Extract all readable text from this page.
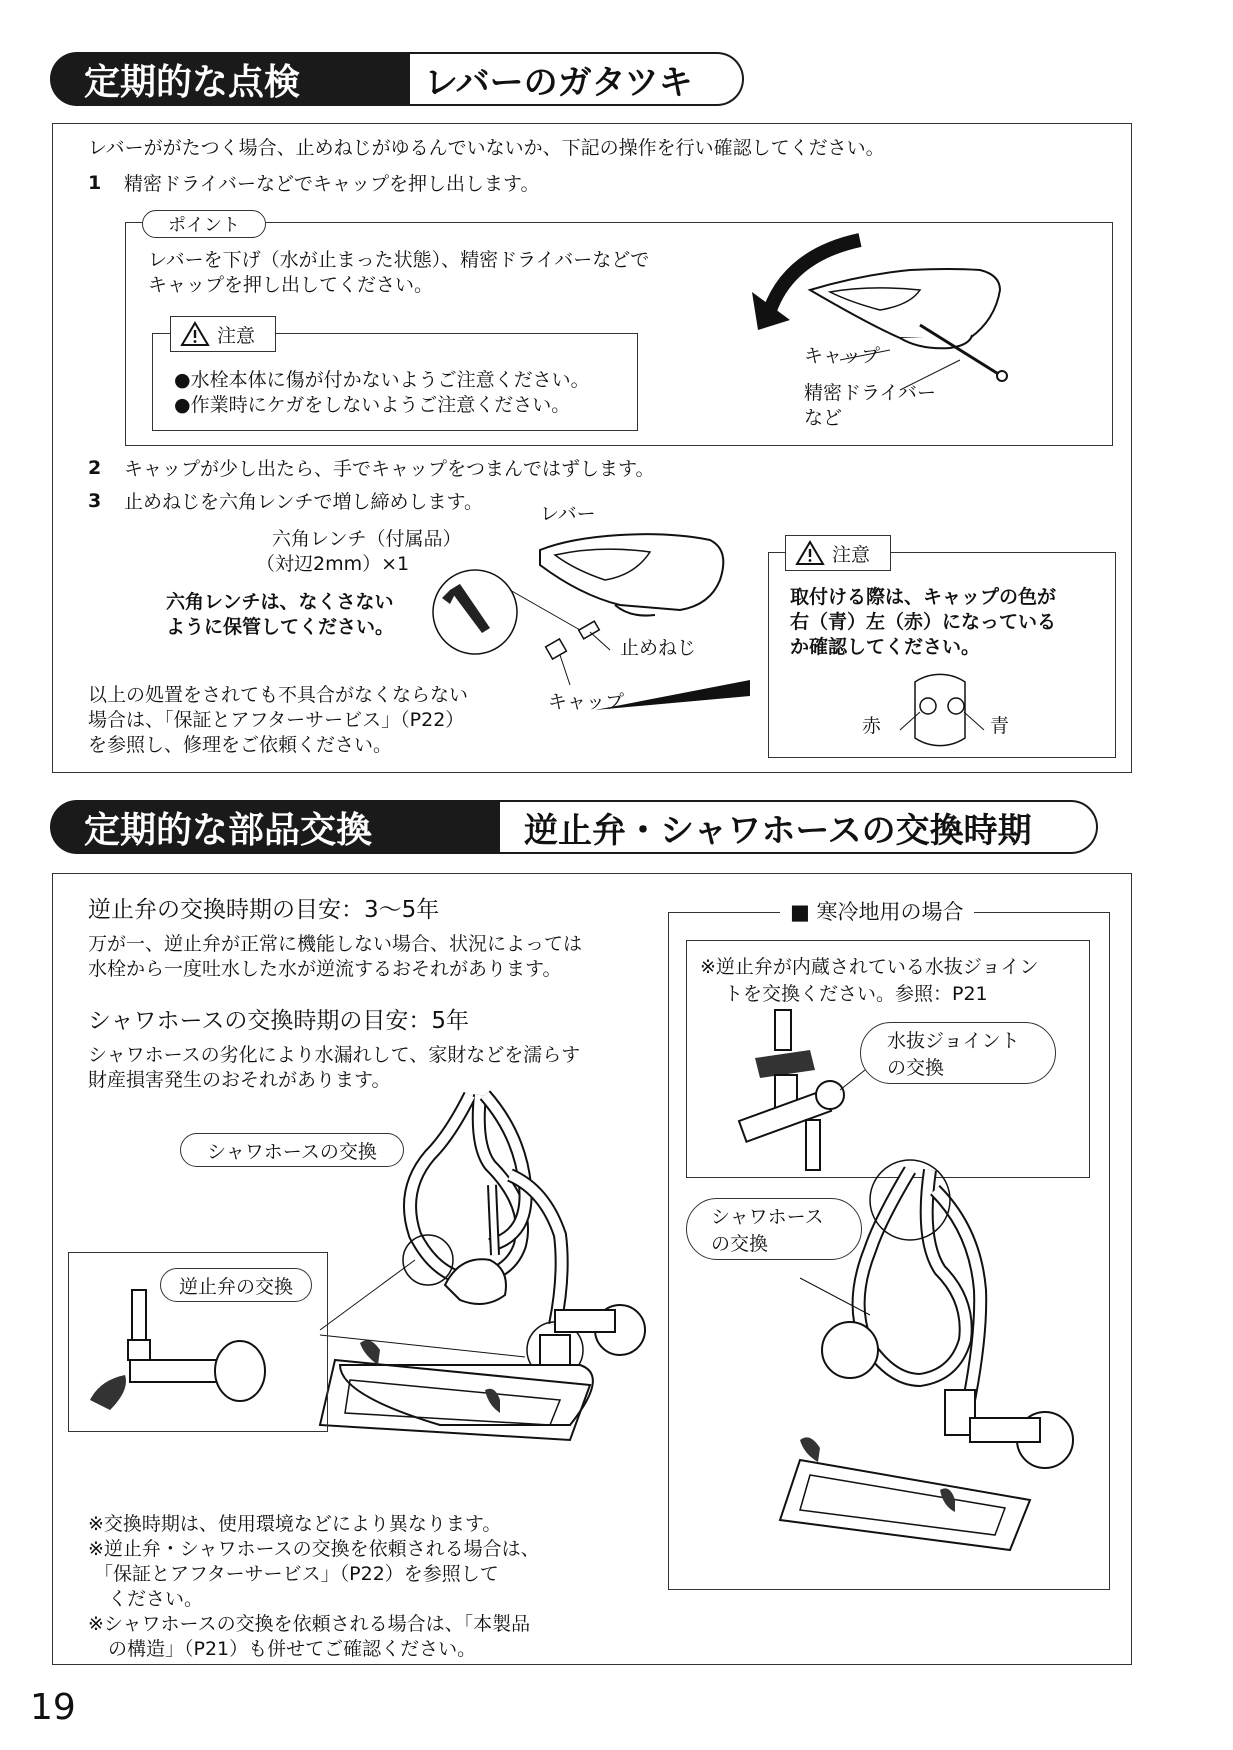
定期的な点検	レバーのガタツキ
レバーががたつく場合、止めねじがゆるんでいないか、下記の操作を行い確認してください。
1 精密ドライバーなどでキャップを押し出します。
ポイント
レバーを下げ（水が止まった状態）、精密ドライバーなどで
キャップを押し出してください。
注意
●水栓本体に傷が付かないようご注意ください。
●作業時にケガをしないようご注意ください。
キャップ
精密ドライバー
など
2 キャップが少し出たら、手でキャップをつまんではずします。
3 止めねじを六角レンチで増し締めします。
レバー
六角レンチ（付属品）
（対辺2mm）×1
六角レンチは、なくさない
ように保管してください。
止めねじ
キャップ
以上の処置をされても不具合がなくならない
場合は、「保証とアフターサービス」（P22）
を参照し、修理をご依頼ください。
注意
取付ける際は、キャップの色が
右（青）左（赤）になっている
か確認してください。
赤	青
定期的な部品交換	逆止弁・シャワホースの交換時期
逆止弁の交換時期の目安：3～5年
万が一、逆止弁が正常に機能しない場合、状況によっては
水栓から一度吐水した水が逆流するおそれがあります。
シャワホースの交換時期の目安：5年
シャワホースの劣化により水漏れして、家財などを濡らす
財産損害発生のおそれがあります。
シャワホースの交換
逆止弁の交換
※交換時期は、使用環境などにより異なります。
※逆止弁・シャワホースの交換を依頼される場合は、
「保証とアフターサービス」（P22）を参照して
ください。
※シャワホースの交換を依頼される場合は、「本製品
の構造」（P21）も併せてご確認ください。
■ 寒冷地用の場合
※逆止弁が内蔵されている水抜ジョイン
トを交換ください。参照：P21
水抜ジョイント
の交換
シャワホース
の交換
19
